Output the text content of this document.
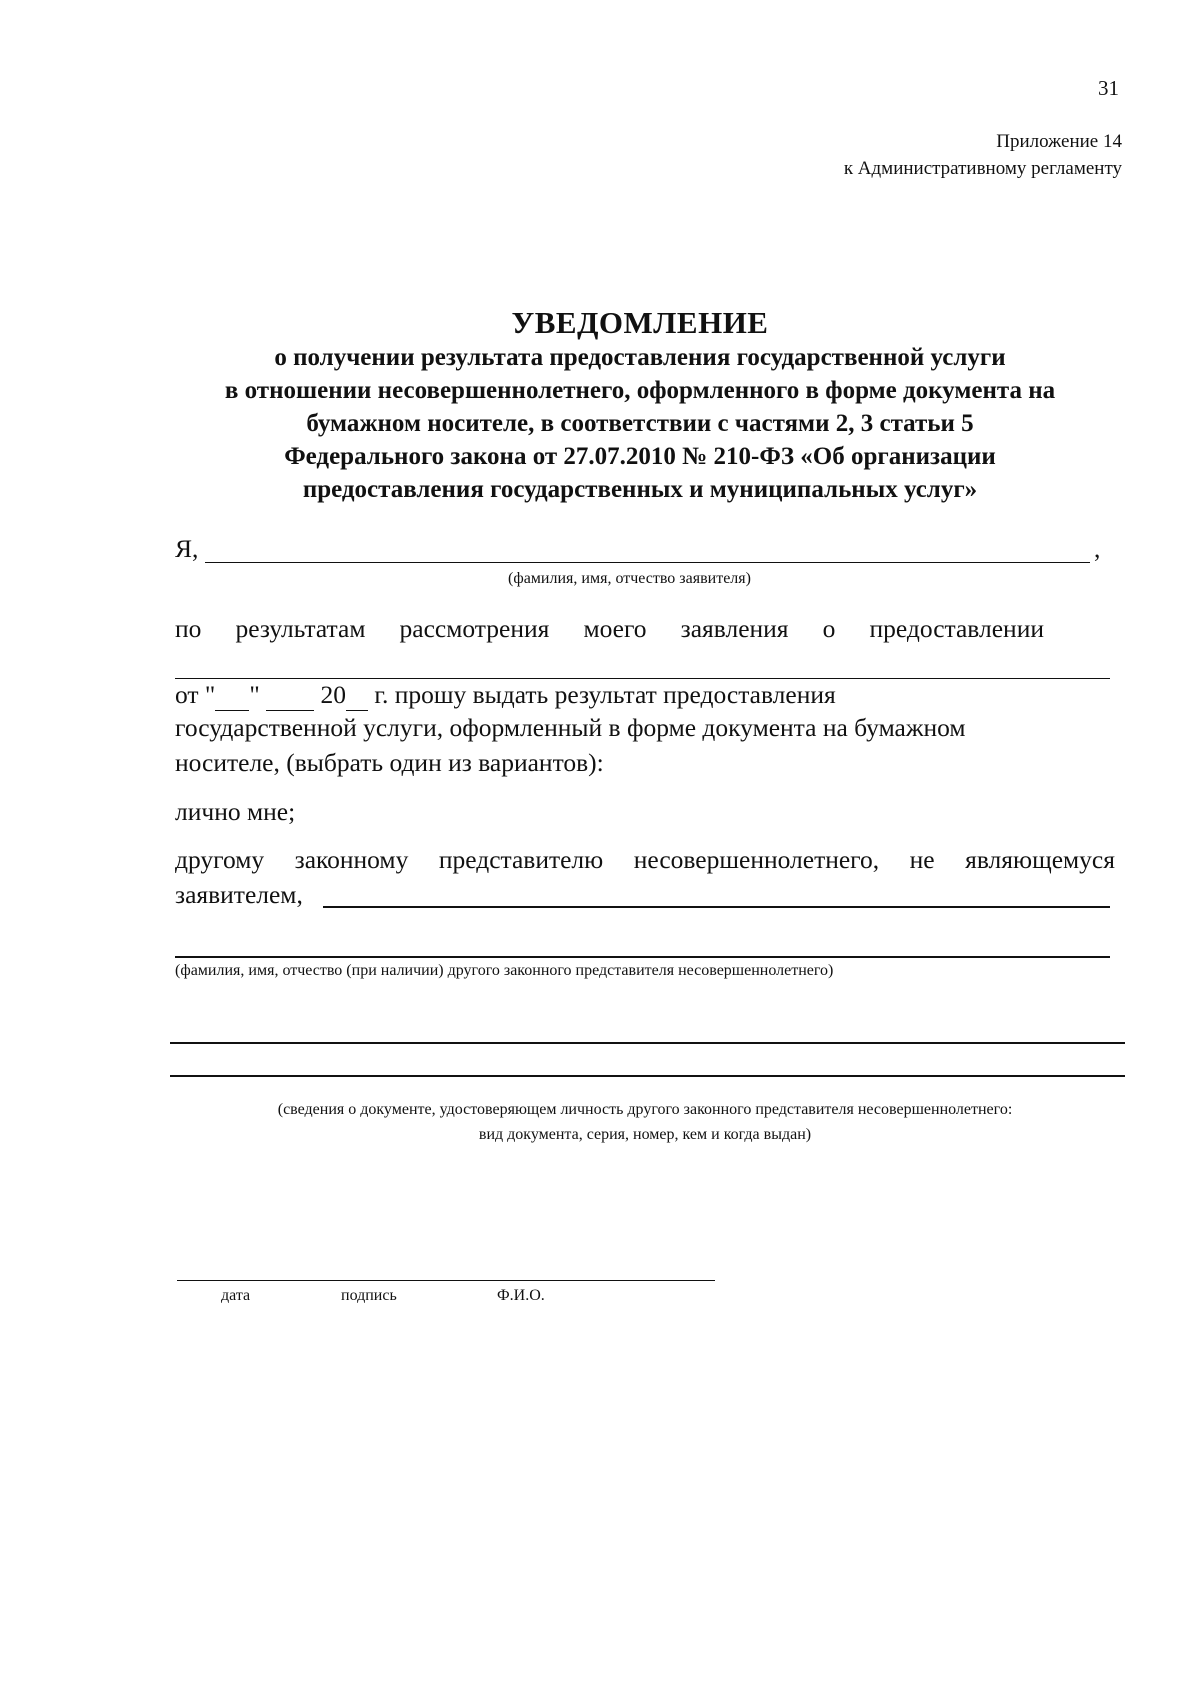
31
Приложение 14
к Административному регламенту
УВЕДОМЛЕНИЕ
о получении результата предоставления государственной услуги
в отношении несовершеннолетнего, оформленного в форме документа на
бумажном носителе, в соответствии с частями 2, 3 статьи 5
Федерального закона от 27.07.2010 № 210-ФЗ «Об организации
предоставления государственных и муниципальных услуг»
Я,	,
(фамилия, имя, отчество заявителя)
по результатам рассмотрения моего заявления о предоставлении
от " " 20 г. прошу выдать результат предоставления
государственной услуги, оформленный в форме документа на бумажном
носителе, (выбрать один из вариантов):
лично мне;
другому законному представителю несовершеннолетнего, не являющемуся
заявителем,
(фамилия, имя, отчество (при наличии) другого законного представителя несовершеннолетнего)
(сведения о документе, удостоверяющем личность другого законного представителя несовершеннолетнего:
вид документа, серия, номер, кем и когда выдан)
дата	подпись	Ф.И.О.
